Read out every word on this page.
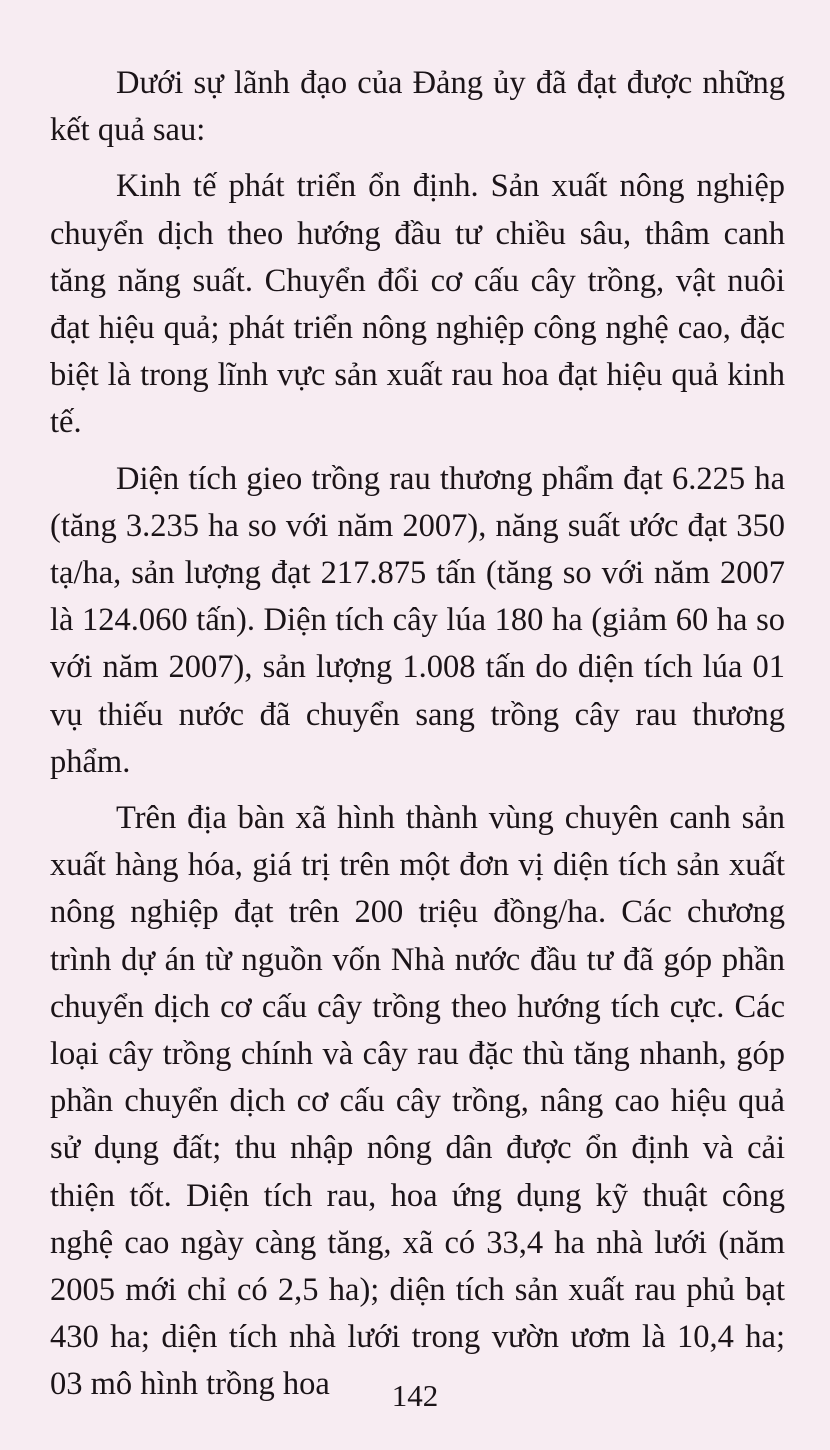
Dưới sự lãnh đạo của Đảng ủy đã đạt được những kết quả sau:

Kinh tế phát triển ổn định. Sản xuất nông nghiệp chuyển dịch theo hướng đầu tư chiều sâu, thâm canh tăng năng suất. Chuyển đổi cơ cấu cây trồng, vật nuôi đạt hiệu quả; phát triển nông nghiệp công nghệ cao, đặc biệt là trong lĩnh vực sản xuất rau hoa đạt hiệu quả kinh tế.

Diện tích gieo trồng rau thương phẩm đạt 6.225 ha (tăng 3.235 ha so với năm 2007), năng suất ước đạt 350 tạ/ha, sản lượng đạt 217.875 tấn (tăng so với năm 2007 là 124.060 tấn). Diện tích cây lúa 180 ha (giảm 60 ha so với năm 2007), sản lượng 1.008 tấn do diện tích lúa 01 vụ thiếu nước đã chuyển sang trồng cây rau thương phẩm.

Trên địa bàn xã hình thành vùng chuyên canh sản xuất hàng hóa, giá trị trên một đơn vị diện tích sản xuất nông nghiệp đạt trên 200 triệu đồng/ha. Các chương trình dự án từ nguồn vốn Nhà nước đầu tư đã góp phần chuyển dịch cơ cấu cây trồng theo hướng tích cực. Các loại cây trồng chính và cây rau đặc thù tăng nhanh, góp phần chuyển dịch cơ cấu cây trồng, nâng cao hiệu quả sử dụng đất; thu nhập nông dân được ổn định và cải thiện tốt. Diện tích rau, hoa ứng dụng kỹ thuật công nghệ cao ngày càng tăng, xã có 33,4 ha nhà lưới (năm 2005 mới chỉ có 2,5 ha); diện tích sản xuất rau phủ bạt 430 ha; diện tích nhà lưới trong vườn ươm là 10,4 ha; 03 mô hình trồng hoa	142
